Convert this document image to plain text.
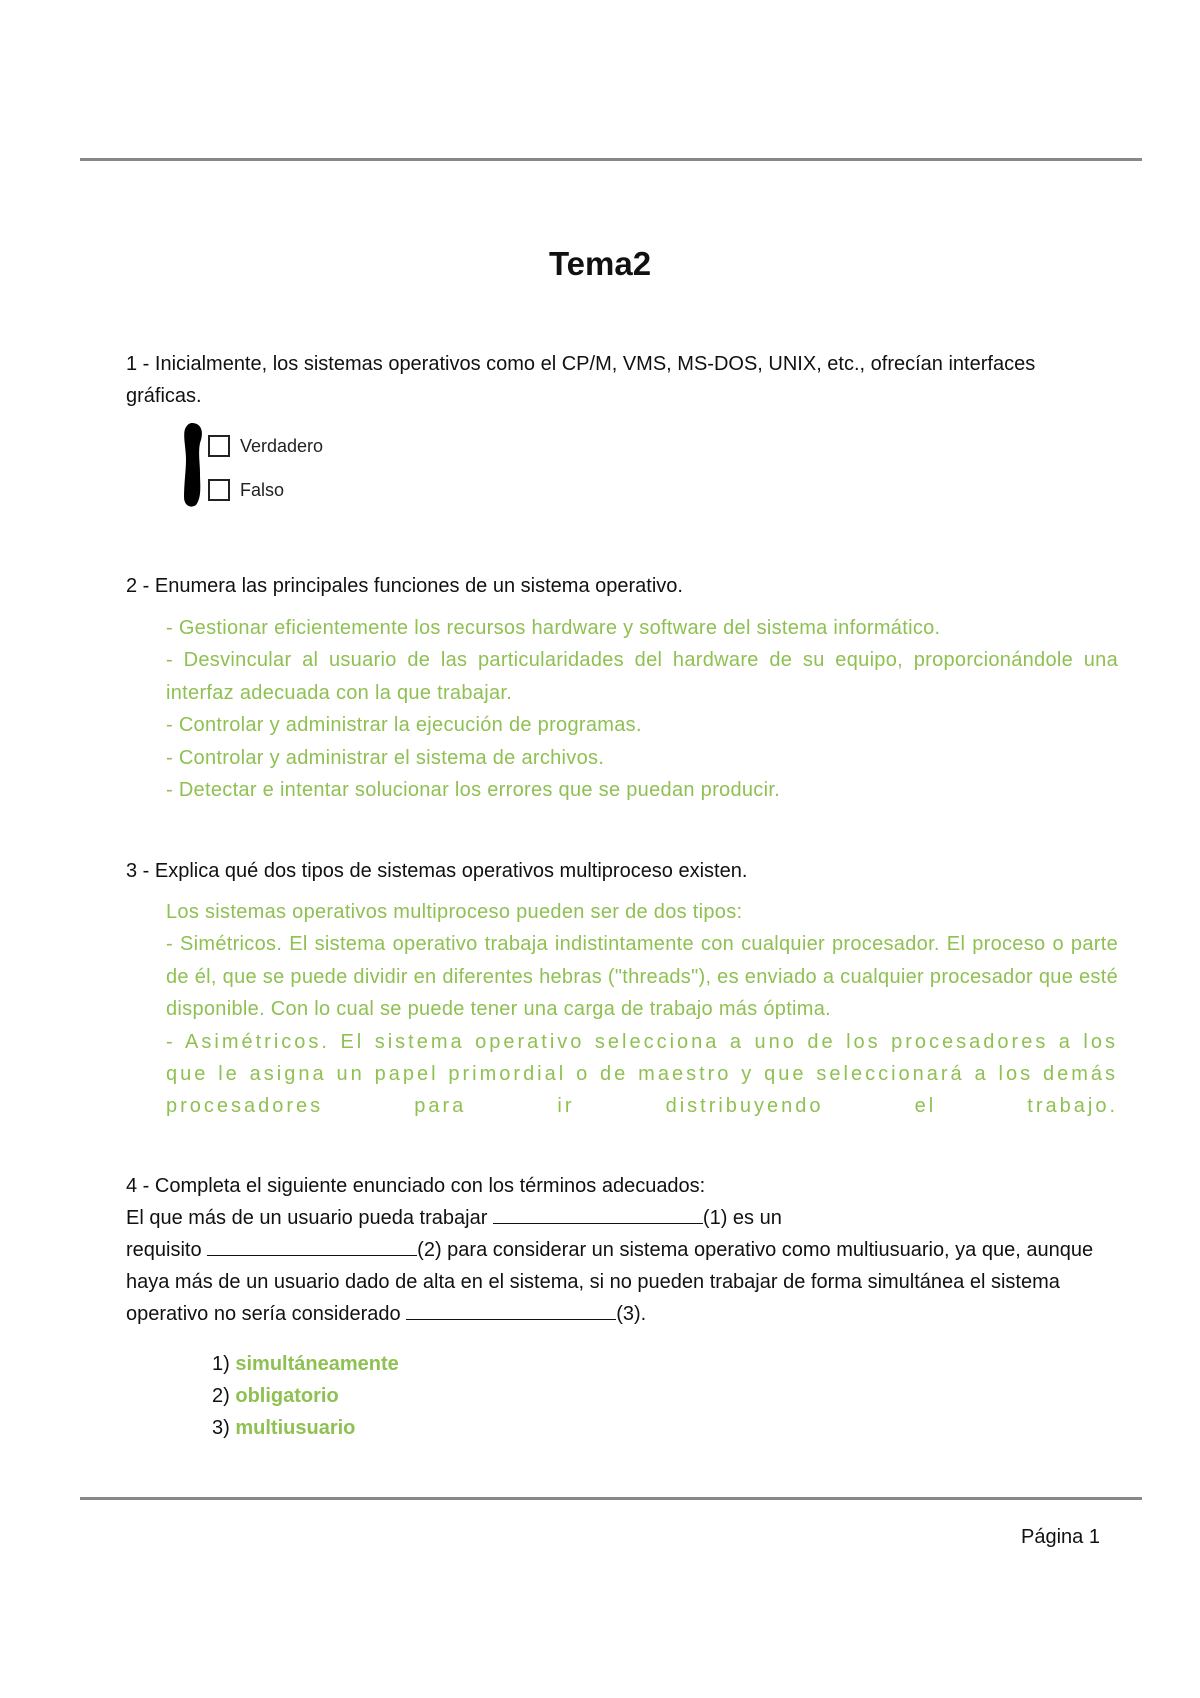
Tema2
1 - Inicialmente, los sistemas operativos como el CP/M, VMS, MS-DOS, UNIX, etc., ofrecían interfaces gráficas.
Verdadero
Falso
2 - Enumera las principales funciones de un sistema operativo.
- Gestionar eficientemente los recursos hardware y software del sistema informático.
- Desvincular al usuario de las particularidades del hardware de su equipo, proporcionándole una interfaz adecuada con la que trabajar.
- Controlar y administrar la ejecución de programas.
- Controlar y administrar el sistema de archivos.
- Detectar e intentar solucionar los errores que se puedan producir.
3 - Explica qué dos tipos de sistemas operativos multiproceso existen.
Los sistemas operativos multiproceso pueden ser de dos tipos:
- Simétricos. El sistema operativo trabaja indistintamente con cualquier procesador. El proceso o parte de él, que se puede dividir en diferentes hebras ("threads"), es enviado a cualquier procesador que esté disponible. Con lo cual se puede tener una carga de trabajo más óptima.
- Asimétricos. El sistema operativo selecciona a uno de los procesadores a los que le asigna un papel primordial o de maestro y que seleccionará a los demás procesadores para ir distribuyendo el trabajo.
4 - Completa el siguiente enunciado con los términos adecuados:
El que más de un usuario pueda trabajar	(1) es un
requisito	(2) para considerar un sistema operativo como multiusuario, ya que, aunque haya más de un usuario dado de alta en el sistema, si no pueden trabajar de forma simultánea el sistema operativo no sería considerado	(3).
1) simultáneamente
2) obligatorio
3) multiusuario
Página 1
